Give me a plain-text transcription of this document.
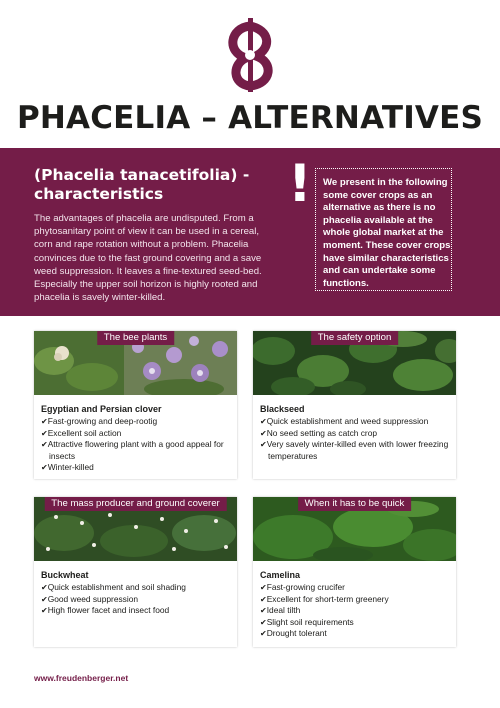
PHACELIA – ALTERNATIVES
(Phacelia tanacetifolia) - characteristics

The advantages of phacelia are undisputed. From a phytosanitary point of view it can be used in a cereal, corn and rape rotation without a problem. Phacelia convinces due to the fast ground covering and a save weed suppression. It leaves a fine-textured seed-bed. Especially the upper soil horizon is highly rooted and phacelia is savely winter-killed.

! We present in the following some cover crops as an alternative as there is no phacelia available at the whole global market at the moment. These cover crops have similar characteristics and can undertake some functions.

The bee plants
Egyptian and Persian clover
✔Fast-growing and deep-rootig
✔Excellent soil action
✔Attractive flowering plant with a good appeal for insects
✔Winter-killed
The safety option
Blackseed
✔Quick establishment and weed suppression
✔No seed setting as catch crop
✔Very savely winter-killed even with lower freezing temperatures
The mass producer and ground coverer
Buckwheat
✔Quick establishment and soil shading
✔Good weed suppression
✔High flower facet and insect food
When it has to be quick
Camelina
✔Fast-growing crucifer
✔Excellent for short-term greenery
✔Ideal tilth
✔Slight soil requirements
✔Drought tolerant
www.freudenberger.net
